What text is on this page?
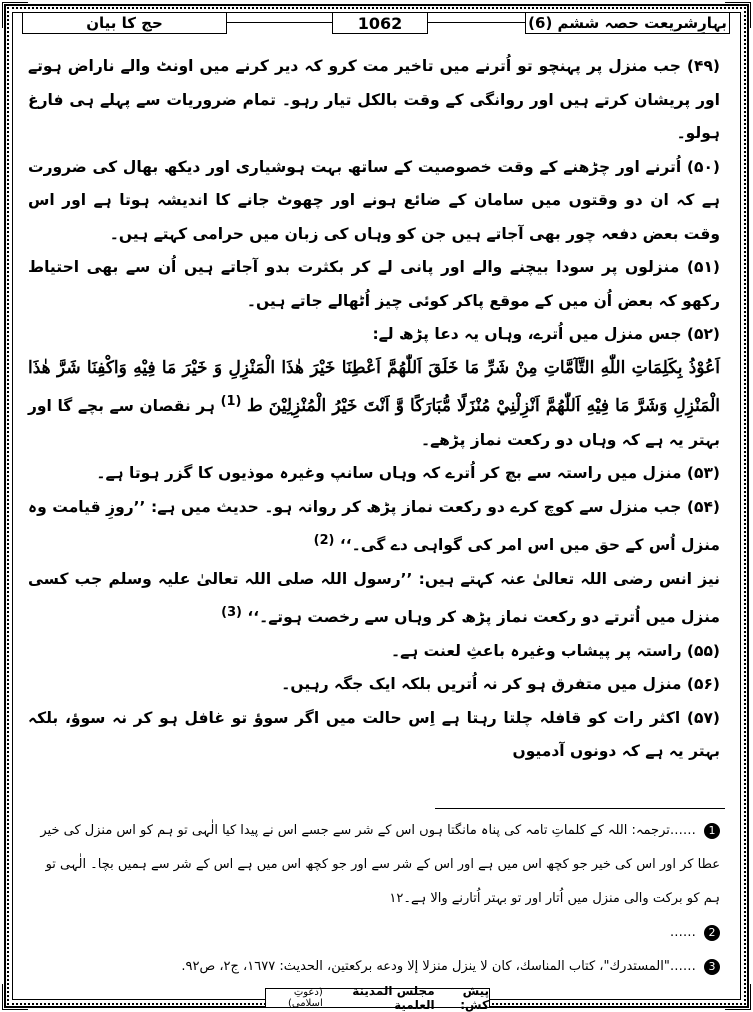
بہارِشریعت حصہ ششم (6)
1062
حج کا بیان

(۴۹) جب منزل پر پہنچو تو اُترنے میں تاخیر مت کرو کہ دیر کرنے میں اونٹ والے ناراض ہوتے اور پریشان کرتے ہیں اور روانگی کے وقت بالکل تیار رہو۔ تمام ضروریات سے پہلے ہی فارغ ہولو۔

(۵۰) اُترنے اور چڑھنے کے وقت خصوصیت کے ساتھ بہت ہوشیاری اور دیکھ بھال کی ضرورت ہے کہ ان دو وقتوں میں سامان کے ضائع ہونے اور چھوٹ جانے کا اندیشہ ہوتا ہے اور اس وقت بعض دفعہ چور بھی آجاتے ہیں جن کو وہاں کی زبان میں حرامی کہتے ہیں۔

(۵۱) منزلوں پر سودا بیچنے والے اور پانی لے کر بکثرت بدو آجاتے ہیں اُن سے بھی احتیاط رکھو کہ بعض اُن میں کے موقع پاکر کوئی چیز اُٹھالے جاتے ہیں۔

(۵۲) جس منزل میں اُترے، وہاں یہ دعا پڑھ لے:

اَعُوْذُ بِكَلِمَاتِ اللّٰهِ التَّآمَّاتِ مِنْ شَرِّ مَا خَلَقَ اَللّٰهُمَّ اَعْطِنَا خَيْرَ هٰذَا الْمَنْزِلِ وَ خَيْرَ مَا فِيْهِ وَاكْفِنَا شَرَّ هٰذَا الْمَنْزِلِ وَشَرَّ مَا فِيْهِ اَللّٰهُمَّ اَنْزِلْنِيْ مُنْزَلًا مُّبَارَكًا وَّ اَنْتَ خَيْرُ الْمُنْزِلِيْنَ ط $^{(1)}$ ہر نقصان سے بچے گا اور بہتر یہ ہے کہ وہاں دو رکعت نماز پڑھے۔

(۵۳) منزل میں راستہ سے بچ کر اُترے کہ وہاں سانپ وغیرہ موذیوں کا گزر ہوتا ہے۔

(۵۴) جب منزل سے کوچ کرے دو رکعت نماز پڑھ کر روانہ ہو۔ حدیث میں ہے: ’’روزِ قیامت وہ منزل اُس کے حق میں اس امر کی گواہی دے گی۔‘‘ $^{(2)}$

نیز انس رضی اللہ تعالیٰ عنہ کہتے ہیں: ’’رسول اللہ صلی اللہ تعالیٰ علیہ وسلم جب کسی منزل میں اُترتے دو رکعت نماز پڑھ کر وہاں سے رخصت ہوتے۔‘‘ $^{(3)}$

(۵۵) راستہ پر پیشاب وغیرہ باعثِ لعنت ہے۔

(۵۶) منزل میں متفرق ہو کر نہ اُتریں بلکہ ایک جگہ رہیں۔

(۵۷) اکثر رات کو قافلہ چلتا رہتا ہے اِس حالت میں اگر سوؤ تو غافل ہو کر نہ سوؤ، بلکہ بہتر یہ ہے کہ دونوں آدمیوں

1 ……ترجمہ: اللہ کے کلماتِ تامہ کی پناہ مانگتا ہوں اس کے شر سے جسے اس نے پیدا کیا الٰہی تو ہم کو اس منزل کی خیر عطا کر اور اس کی خیر جو کچھ اس میں ہے اور اس کے شر سے اور جو کچھ اس میں ہے اس کے شر سے ہمیں بچا۔ الٰہی تو ہم کو برکت والی منزل میں اُتار اور تو بہتر اُتارنے والا ہے۔۱۲
2 ……
3 ……"المستدرك"، كتاب المناسك، كان لا ينزل منزلا إلا ودعه بركعتين، الحديث: ١٦٧٧، ج٢، ص٩٢.
پیش کش:
مجلس المدينة العلمية
(دعوتِ اسلامی)
